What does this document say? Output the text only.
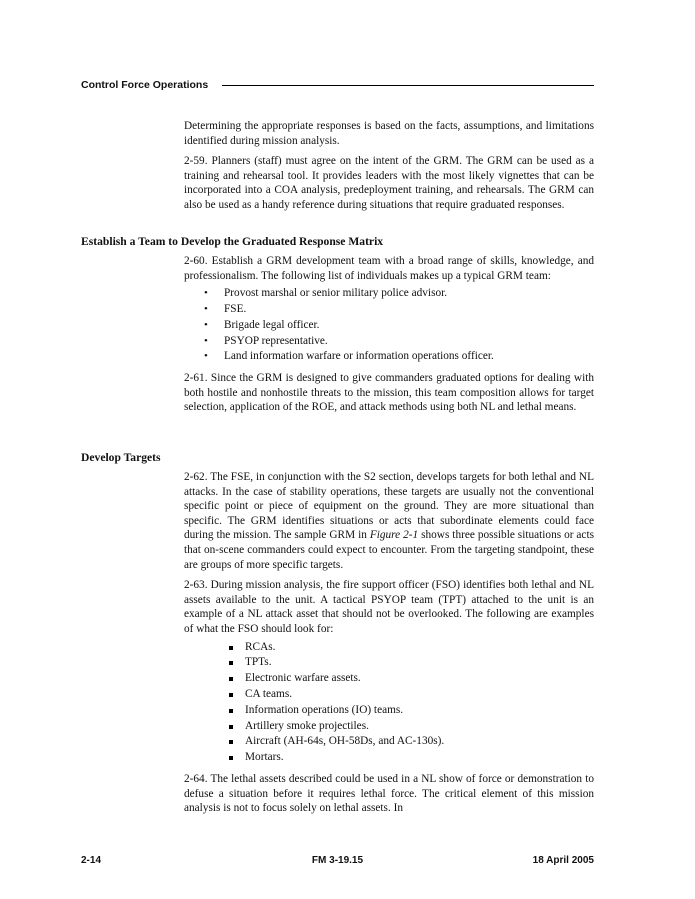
Control Force Operations

Determining the appropriate responses is based on the facts, assumptions, and limitations identified during mission analysis.

2-59. Planners (staff) must agree on the intent of the GRM. The GRM can be used as a training and rehearsal tool. It provides leaders with the most likely vignettes that can be incorporated into a COA analysis, predeployment training, and rehearsals. The GRM can also be used as a handy reference during situations that require graduated responses.

Establish a Team to Develop the Graduated Response Matrix

2-60. Establish a GRM development team with a broad range of skills, knowledge, and professionalism. The following list of individuals makes up a typical GRM team:

• Provost marshal or senior military police advisor.
• FSE.
• Brigade legal officer.
• PSYOP representative.
• Land information warfare or information operations officer.

2-61. Since the GRM is designed to give commanders graduated options for dealing with both hostile and nonhostile threats to the mission, this team composition allows for target selection, application of the ROE, and attack methods using both NL and lethal means.

Develop Targets

2-62. The FSE, in conjunction with the S2 section, develops targets for both lethal and NL attacks. In the case of stability operations, these targets are usually not the conventional specific point or piece of equipment on the ground. They are more situational than specific. The GRM identifies situations or acts that subordinate elements could face during the mission. The sample GRM in Figure 2-1 shows three possible situations or acts that on-scene commanders could expect to encounter. From the targeting standpoint, these are groups of more specific targets.

2-63. During mission analysis, the fire support officer (FSO) identifies both lethal and NL assets available to the unit. A tactical PSYOP team (TPT) attached to the unit is an example of a NL attack asset that should not be overlooked. The following are examples of what the FSO should look for:

RCAs.
TPTs.
Electronic warfare assets.
CA teams.
Information operations (IO) teams.
Artillery smoke projectiles.
Aircraft (AH-64s, OH-58Ds, and AC-130s).
Mortars.

2-64. The lethal assets described could be used in a NL show of force or demonstration to defuse a situation before it requires lethal force. The critical element of this mission analysis is not to focus solely on lethal assets. In

2-14	FM 3-19.15	18 April 2005
